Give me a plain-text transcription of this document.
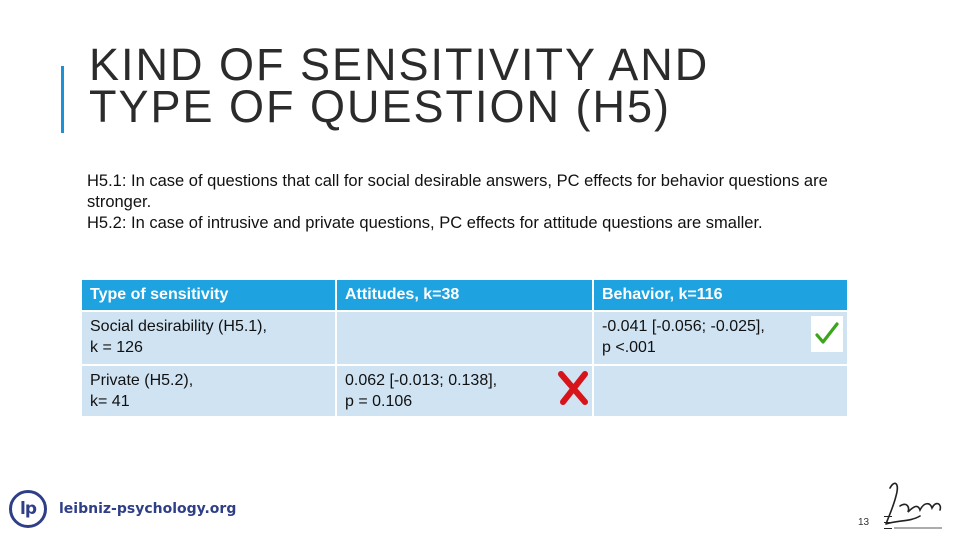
KIND OF SENSITIVITY AND
TYPE OF QUESTION (H5)

H5.1: In case of questions that call for social desirable answers, PC effects for behavior questions are stronger.

H5.2: In case of intrusive and private questions, PC effects for attitude questions are smaller.

Type of sensitivity	Attitudes, k=38	Behavior, k=116
Social desirability (H5.1),
k = 126		-0.041 [-0.056; -0.025],
p <.001

Private (H5.2),
k= 41	0.062 [-0.013; 0.138],
p = 0.106

lp	leibniz-psychology.org
13
